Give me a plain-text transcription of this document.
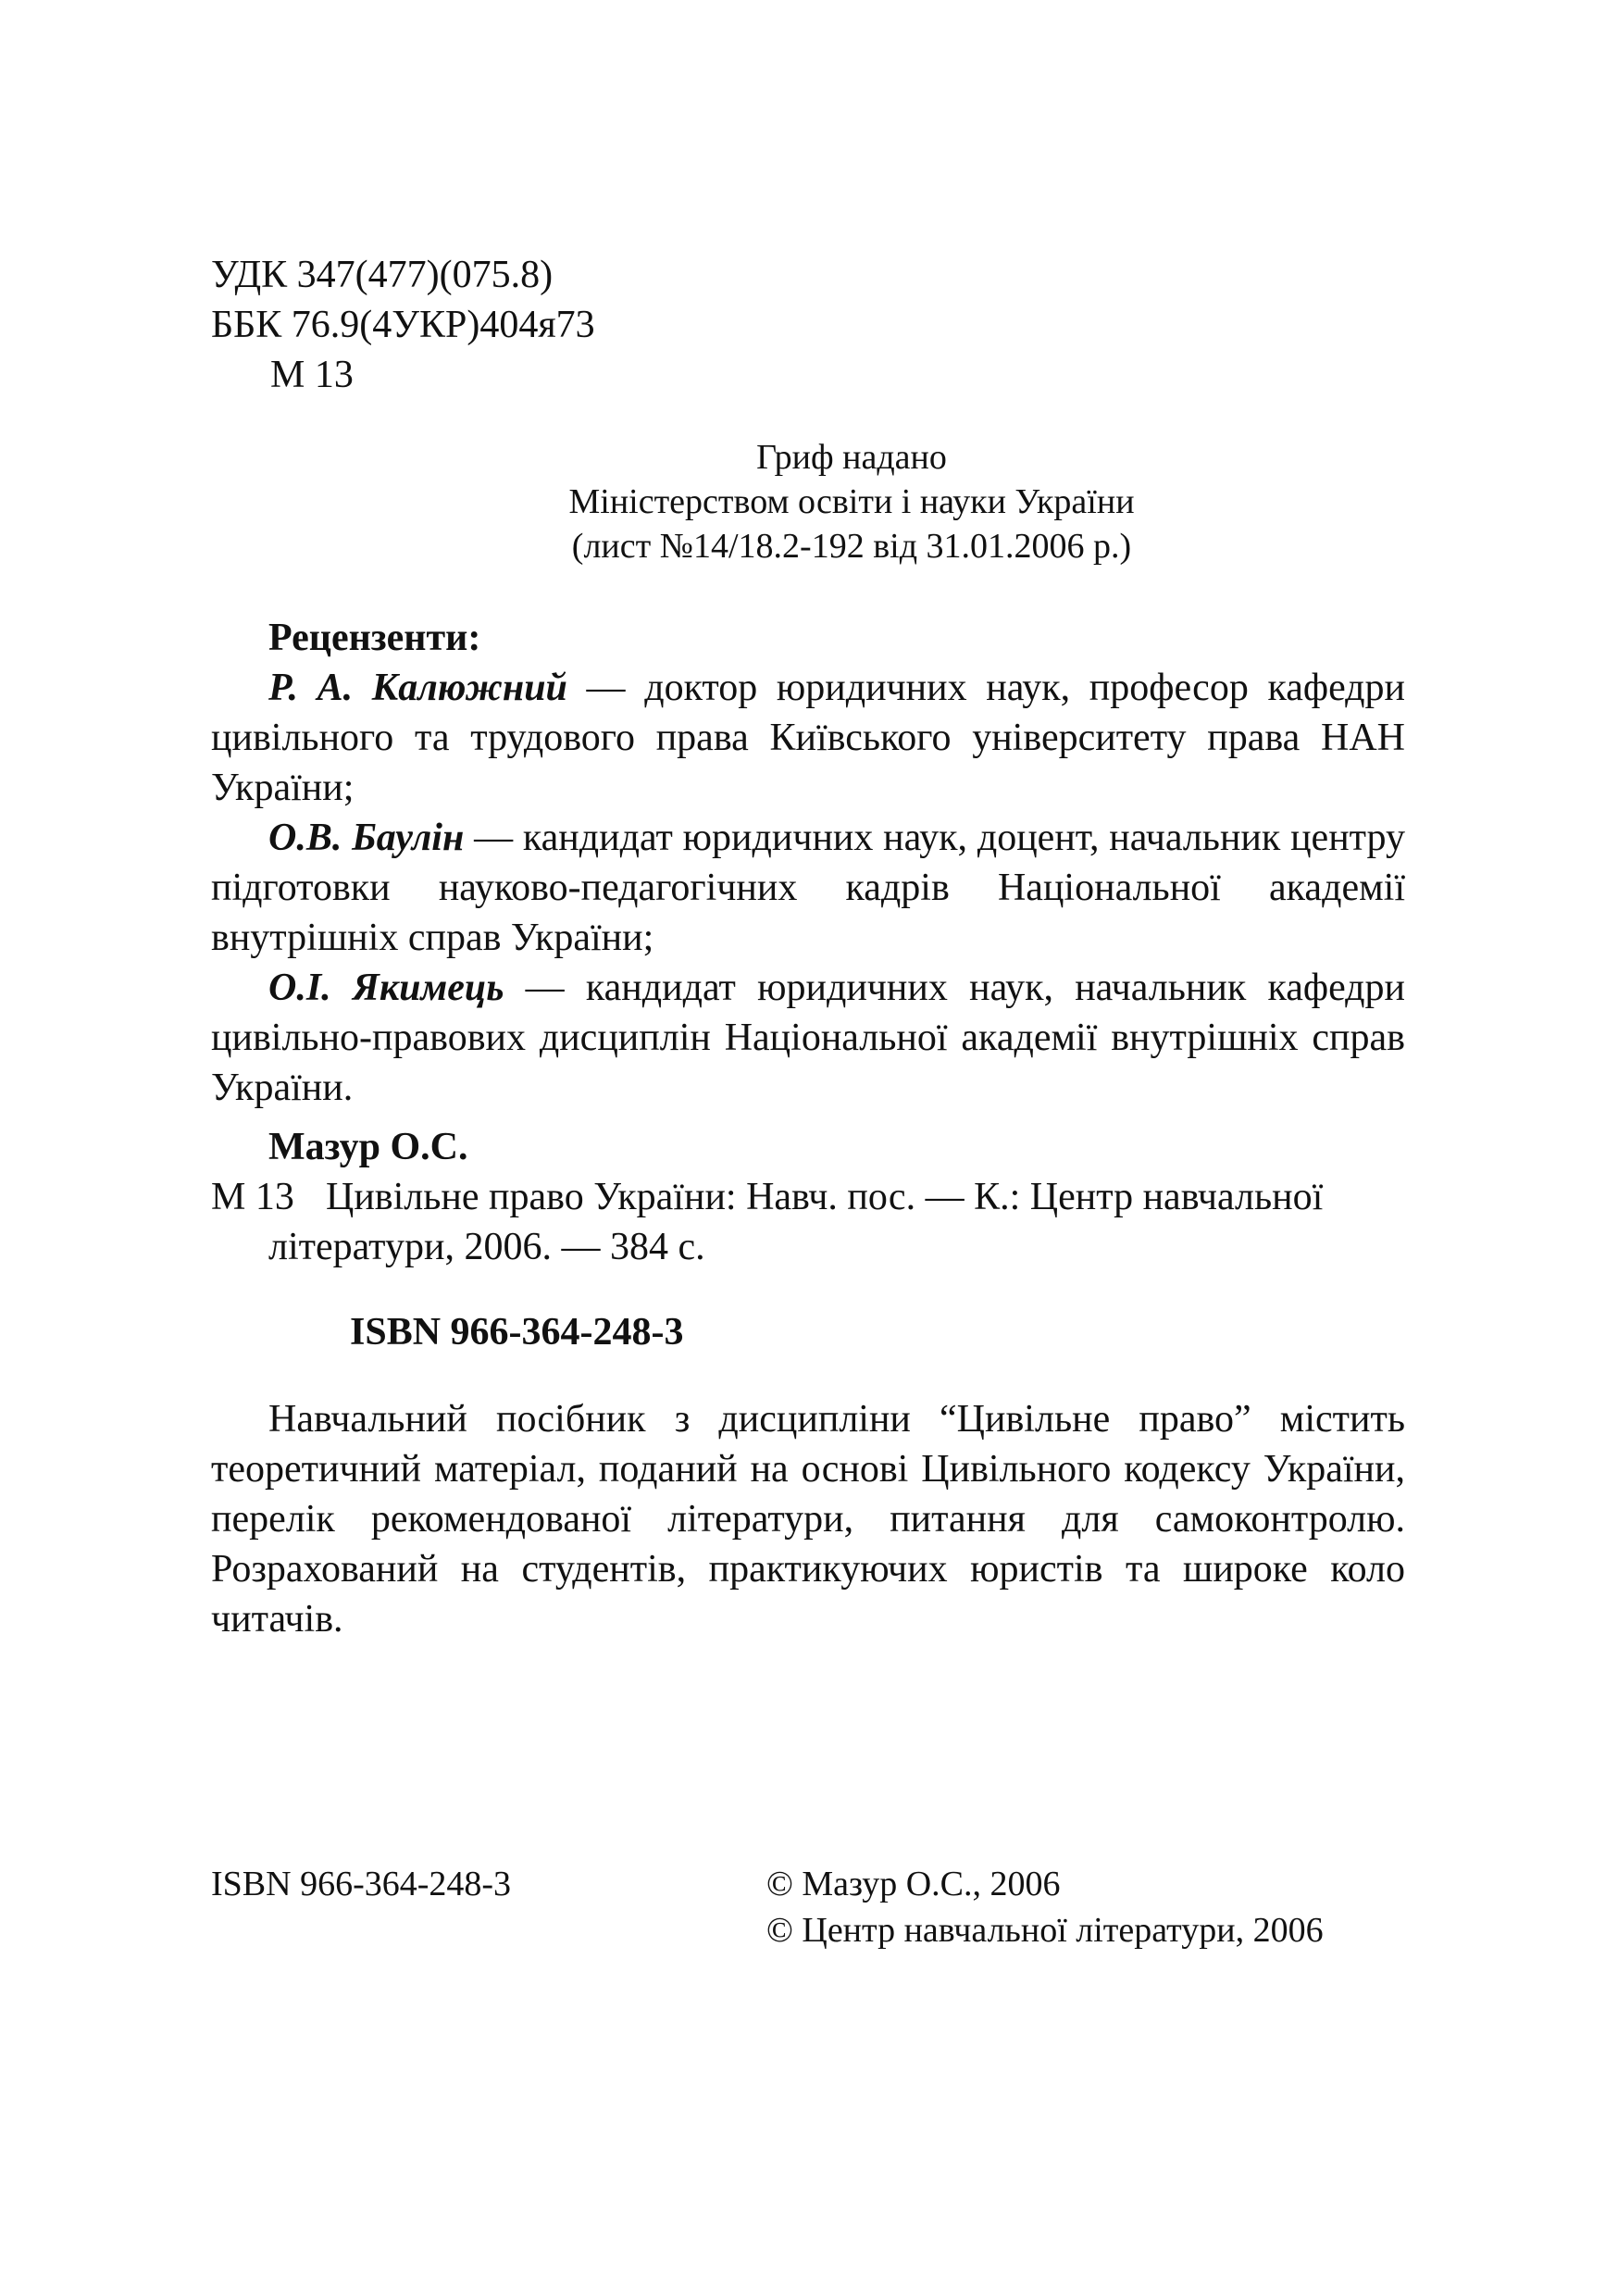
УДК 347(477)(075.8)
ББК 76.9(4УКР)404я73
М 13
Гриф надано
Міністерством освіти і науки України
(лист №14/18.2-192 від 31.01.2006 р.)
Рецензенти:
Р. А. Калюжний — доктор юридичних наук, професор кафедри цивільного та трудового права Київського університету права НАН України;
О.В. Баулін — кандидат юридичних наук, доцент, начальник центру підготовки науково-педагогічних кадрів Національної академії внутрішніх справ України;
О.І. Якимець — кандидат юридичних наук, начальник кафедри цивільно-правових дисциплін Національної академії внутрішніх справ України.
Мазур О.С.
М 13 Цивільне право України: Навч. пос. — К.: Центр навчальної
літератури, 2006. — 384 с.
ISBN 966-364-248-3
Навчальний посібник з дисципліни “Цивільне право” містить теоретичний матеріал, поданий на основі Цивільного кодексу України, перелік рекомендованої літератури, питання для самоконтролю. Розрахований на студентів, практикуючих юристів та широке коло читачів.
ISBN 966-364-248-3	© Мазур О.С., 2006
© Центр навчальної літератури, 2006
